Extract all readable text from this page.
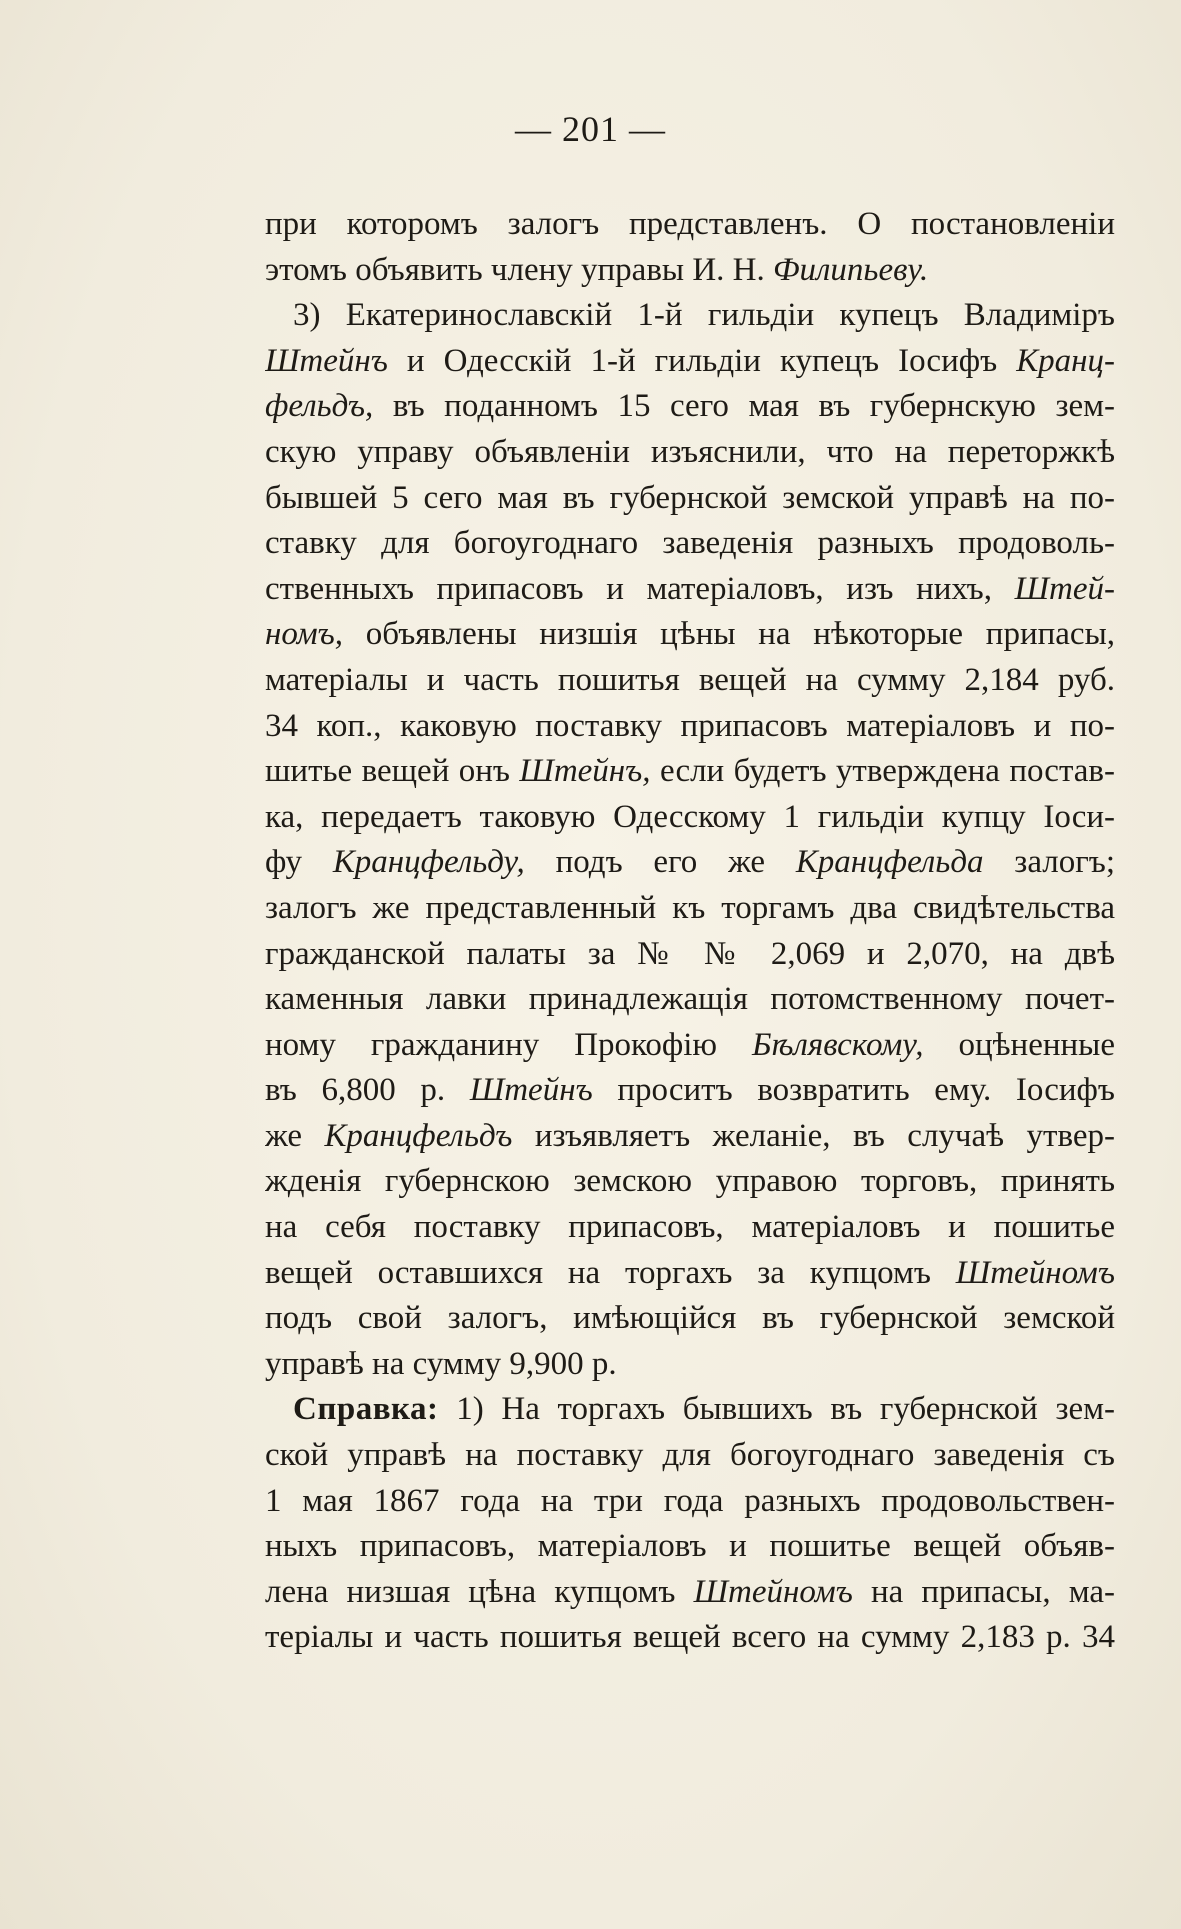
— 201 —
при которомъ залогъ представленъ. О постановленіи
этомъ объявить члену управы И. Н. Филипьеву.
3) Екатеринославскій 1-й гильдіи купецъ Владиміръ
Штейнъ и Одесскій 1-й гильдіи купецъ Іосифъ Кранц-
фельдъ, въ поданномъ 15 сего мая въ губернскую зем-
скую управу объявленіи изъяснили, что на переторжкѣ
бывшей 5 сего мая въ губернской земской управѣ на по-
ставку для богоугоднаго заведенія разныхъ продоволь-
ственныхъ припасовъ и матеріаловъ, изъ нихъ, Штей-
номъ, объявлены низшія цѣны на нѣкоторые припасы,
матеріалы и часть пошитья вещей на сумму 2,184 руб.
34 коп., каковую поставку припасовъ матеріаловъ и по-
шитье вещей онъ Штейнъ, если будетъ утверждена постав-
ка, передаетъ таковую Одесскому 1 гильдіи купцу Іоси-
фу Кранцфельду, подъ его же Кранцфельда залогъ;
залогъ же представленный къ торгамъ два свидѣтельства
гражданской палаты за № № 2,069 и 2,070, на двѣ
каменныя лавки принадлежащія потомственному почет-
ному гражданину Прокофію Бѣлявскому, оцѣненные
въ 6,800 р. Штейнъ проситъ возвратить ему. Іосифъ
же Кранцфельдъ изъявляетъ желаніе, въ случаѣ утвер-
жденія губернскою земскою управою торговъ, принять
на себя поставку припасовъ, матеріаловъ и пошитье
вещей оставшихся на торгахъ за купцомъ Штейномъ
подъ свой залогъ, имѣющійся въ губернской земской
управѣ на сумму 9,900 р.
Справка: 1) На торгахъ бывшихъ въ губернской зем-
ской управѣ на поставку для богоугоднаго заведенія съ
1 мая 1867 года на три года разныхъ продовольствен-
ныхъ припасовъ, матеріаловъ и пошитье вещей объяв-
лена низшая цѣна купцомъ Штейномъ на припасы, ма-
теріалы и часть пошитья вещей всего на сумму 2,183 р. 34
